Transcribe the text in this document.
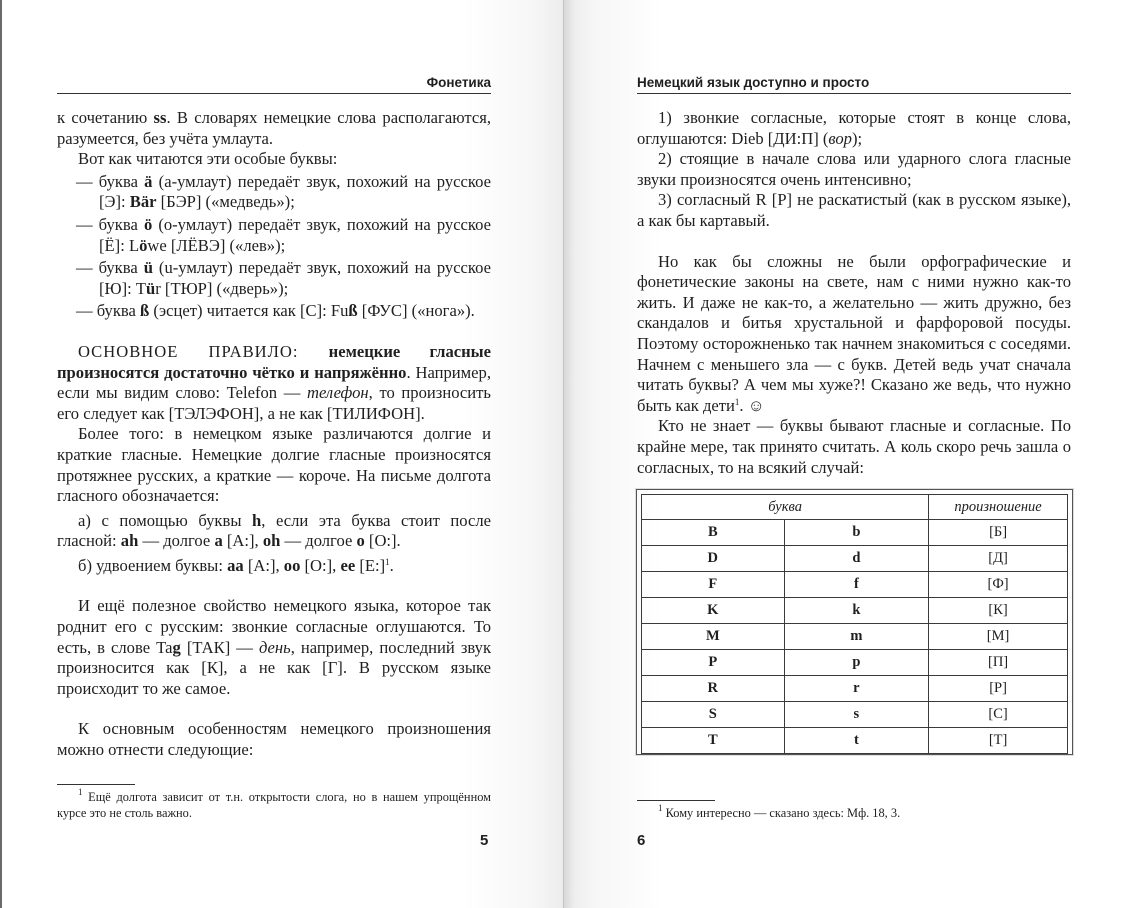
Фонетика

к сочетанию ss. В словарях немецкие слова располагаются, разумеется, без учёта умлаута.

Вот как читаются эти особые буквы:

— буква ä (а-умлаут) передаёт звук, похожий на русское [Э]: Bär [БЭР] («медведь»);

— буква ö (о-умлаут) передаёт звук, похожий на русское [Ё]: Löwe [ЛЁВЭ] («лев»);

— буква ü (u-умлаут) передаёт звук, похожий на русское [Ю]: Tür [ТЮР] («дверь»);

— буква ß (эсцет) читается как [С]: Fuß [ФУС] («нога»).

ОСНОВНОЕ ПРАВИЛО: немецкие гласные произносятся достаточно чётко и напряжённо. Например, если мы видим слово: Telefon — телефон, то произносить его следует как [ТЭЛЭФОН], а не как [ТИЛИФОН].

Более того: в немецком языке различаются долгие и краткие гласные. Немецкие долгие гласные произносятся протяжнее русских, а краткие — короче. На письме долгота гласного обозначается:

а) с помощью буквы h, если эта буква стоит после гласной: ah — долгое a [А:], oh — долгое o [О:].

б) удвоением буквы: aa [А:], oo [О:], ee [Е:]$^1$.

И ещё полезное свойство немецкого языка, которое так роднит его с русским: звонкие согласные оглушаются. То есть, в слове Tag [ТАК] — день, например, последний звук произносится как [К], а не как [Г]. В русском языке происходит то же самое.

К основным особенностям немецкого произношения можно отнести следующие:

$^1$ Ещё долгота зависит от т.н. открытости слога, но в нашем упрощённом курсе это не столь важно.
5
Немецкий язык доступно и просто

1) звонкие согласные, которые стоят в конце слова, оглушаются: Dieb [ДИ:П] (вор);

2) стоящие в начале слова или ударного слога гласные звуки произносятся очень интенсивно;

3) согласный R [Р] не раскатистый (как в русском языке), а как бы картавый.

Но как бы сложны не были орфографические и фонетические законы на свете, нам с ними нужно как-то жить. И даже не как-то, а желательно — жить дружно, без скандалов и битья хрустальной и фарфоровой посуды. Поэтому осторожненько так начнем знакомиться с соседями. Начнем с меньшего зла — с букв. Детей ведь учат сначала читать буквы? А чем мы хуже?! Сказано же ведь, что нужно быть как дети$^1$. ☺

Кто не знает — буквы бывают гласные и согласные. По крайне мере, так принято считать. А коль скоро речь зашла о согласных, то на всякий случай:

буква		произношение
B	b	[Б]
D	d	[Д]
F	f	[Ф]
K	k	[К]
M	m	[М]
P	p	[П]
R	r	[Р]
S	s	[С]
T	t	[Т]
$^1$ Кому интересно — сказано здесь: Мф. 18, 3.
6
